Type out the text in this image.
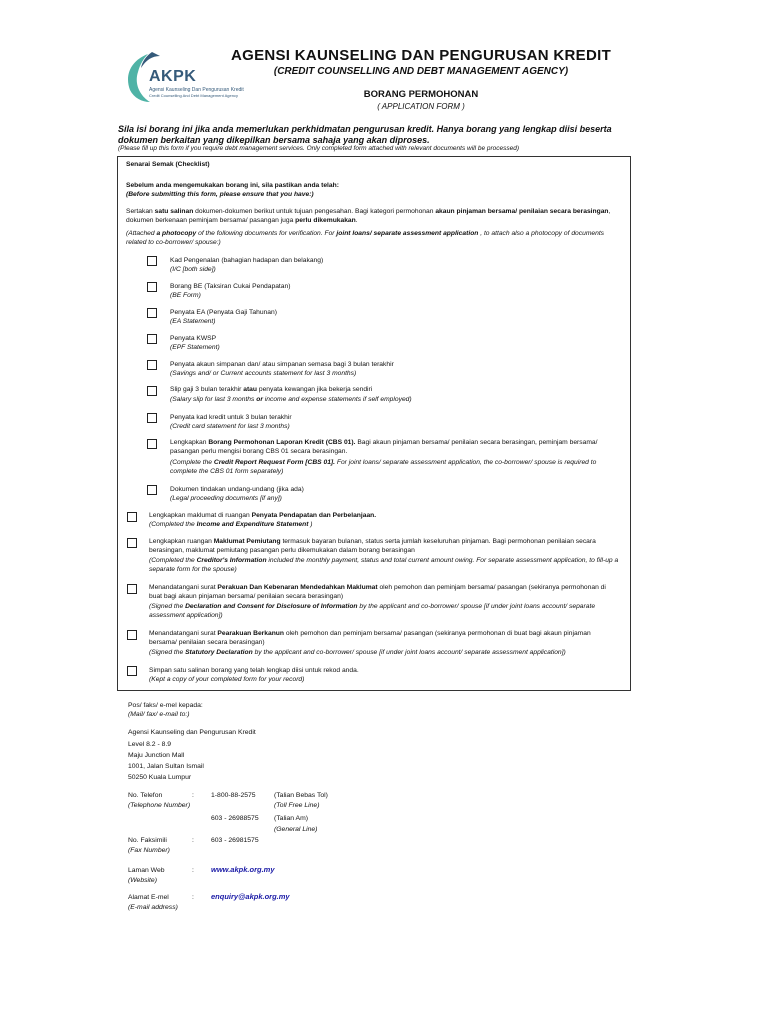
AKPK
Agensi Kaunseling Dan Pengurusan Kredit
Credit Counselling And Debt Management Agency
AGENSI KAUNSELING DAN PENGURUSAN KREDIT
(CREDIT COUNSELLING AND DEBT MANAGEMENT AGENCY)
BORANG PERMOHONAN
( APPLICATION FORM )
Sila isi borang ini jika anda memerlukan perkhidmatan pengurusan kredit. Hanya borang yang lengkap diisi beserta dokumen berkaitan yang dikepilkan bersama sahaja yang akan diproses.
(Please fill up this form if you require debt management services. Only completed form attached with relevant documents will be processed)
Senarai Semak (Checklist)
Sebelum anda mengemukakan borang ini, sila pastikan anda telah:
(Before submitting this form, please ensure that you have:)
Sertakan satu salinan dokumen-dokumen berikut untuk tujuan pengesahan. Bagi kategori permohonan akaun pinjaman bersama/ penilaian secara berasingan, dokumen berkenaan peminjam bersama/ pasangan juga perlu dikemukakan.
(Attached a photocopy of the following documents for verification. For joint loans/ separate assessment application , to attach also a photocopy of documents related to co-borrower/ spouse:)
Kad Pengenalan (bahagian hadapan dan belakang)
(I/C [both side])
Borang BE (Taksiran Cukai Pendapatan)
(BE Form)
Penyata EA (Penyata Gaji Tahunan)
(EA Statement)
Penyata KWSP
(EPF Statement)
Penyata akaun simpanan dan/ atau simpanan semasa bagi 3 bulan terakhir
(Savings and/ or Current accounts statement for last 3 months)
Slip gaji 3 bulan terakhir atau penyata kewangan jika bekerja sendiri
(Salary slip for last 3 months or income and expense statements if self employed)
Penyata kad kredit untuk 3 bulan terakhir
(Credit card statement for last 3 months)
Lengkapkan Borang Permohonan Laporan Kredit (CBS 01). Bagi akaun pinjaman bersama/ penilaian secara berasingan, peminjam bersama/ pasangan perlu mengisi borang CBS 01 secara berasingan.
(Complete the Credit Report Request Form [CBS 01]. For joint loans/ separate assessment application, the co-borrower/ spouse is required to complete the CBS 01 form separately)
Dokumen tindakan undang-undang (jika ada)
(Legal proceeding documents [if any])
Lengkapkan maklumat di ruangan Penyata Pendapatan dan Perbelanjaan.
(Completed the Income and Expenditure Statement )
Lengkapkan ruangan Maklumat Pemiutang termasuk bayaran bulanan, status serta jumlah keseluruhan pinjaman. Bagi permohonan penilaian secara berasingan, maklumat pemiutang pasangan perlu dikemukakan dalam borang berasingan
(Completed the Creditor's Information included the monthly payment, status and total current amount owing. For separate assessment application, to fill-up a separate form for the spouse)
Menandatangani surat Perakuan Dan Kebenaran Mendedahkan Maklumat oleh pemohon dan peminjam bersama/ pasangan (sekiranya permohonan di buat bagi akaun pinjaman bersama/ penilaian secara berasingan)
(Signed the Declaration and Consent for Disclosure of Information by the applicant and co-borrower/ spouse [if under joint loans account/ separate assessment application])
Menandatangani surat Pearakuan Berkanun oleh pemohon dan peminjam bersama/ pasangan (sekiranya permohonan di buat bagi akaun pinjaman bersama/ penilaian secara berasingan)
(Signed the Statutory Declaration by the applicant and co-borrower/ spouse [if under joint loans account/ separate assessment application])
Simpan satu salinan borang yang telah lengkap diisi untuk rekod anda.
(Kept a copy of your completed form for your record)
Pos/ faks/ e-mel kepada:
(Mail/ fax/ e-mail to:)
Agensi Kaunseling dan Pengurusan Kredit
Level 8.2 - 8.9
Maju Junction Mall
1001, Jalan Sultan Ismail
50250 Kuala Lumpur
No. Telefon
(Telephone Number)
:	1-800-88-2575	(Talian Bebas Tol)
(Toll Free Line)
603 - 26988575 (Talian Am)
(General Line)
No. Faksimili
(Fax Number)
:	603 - 26981575
Laman Web
(Website)
: www.akpk.org.my
Alamat E-mel
(E-mail address)
: enquiry@akpk.org.my
